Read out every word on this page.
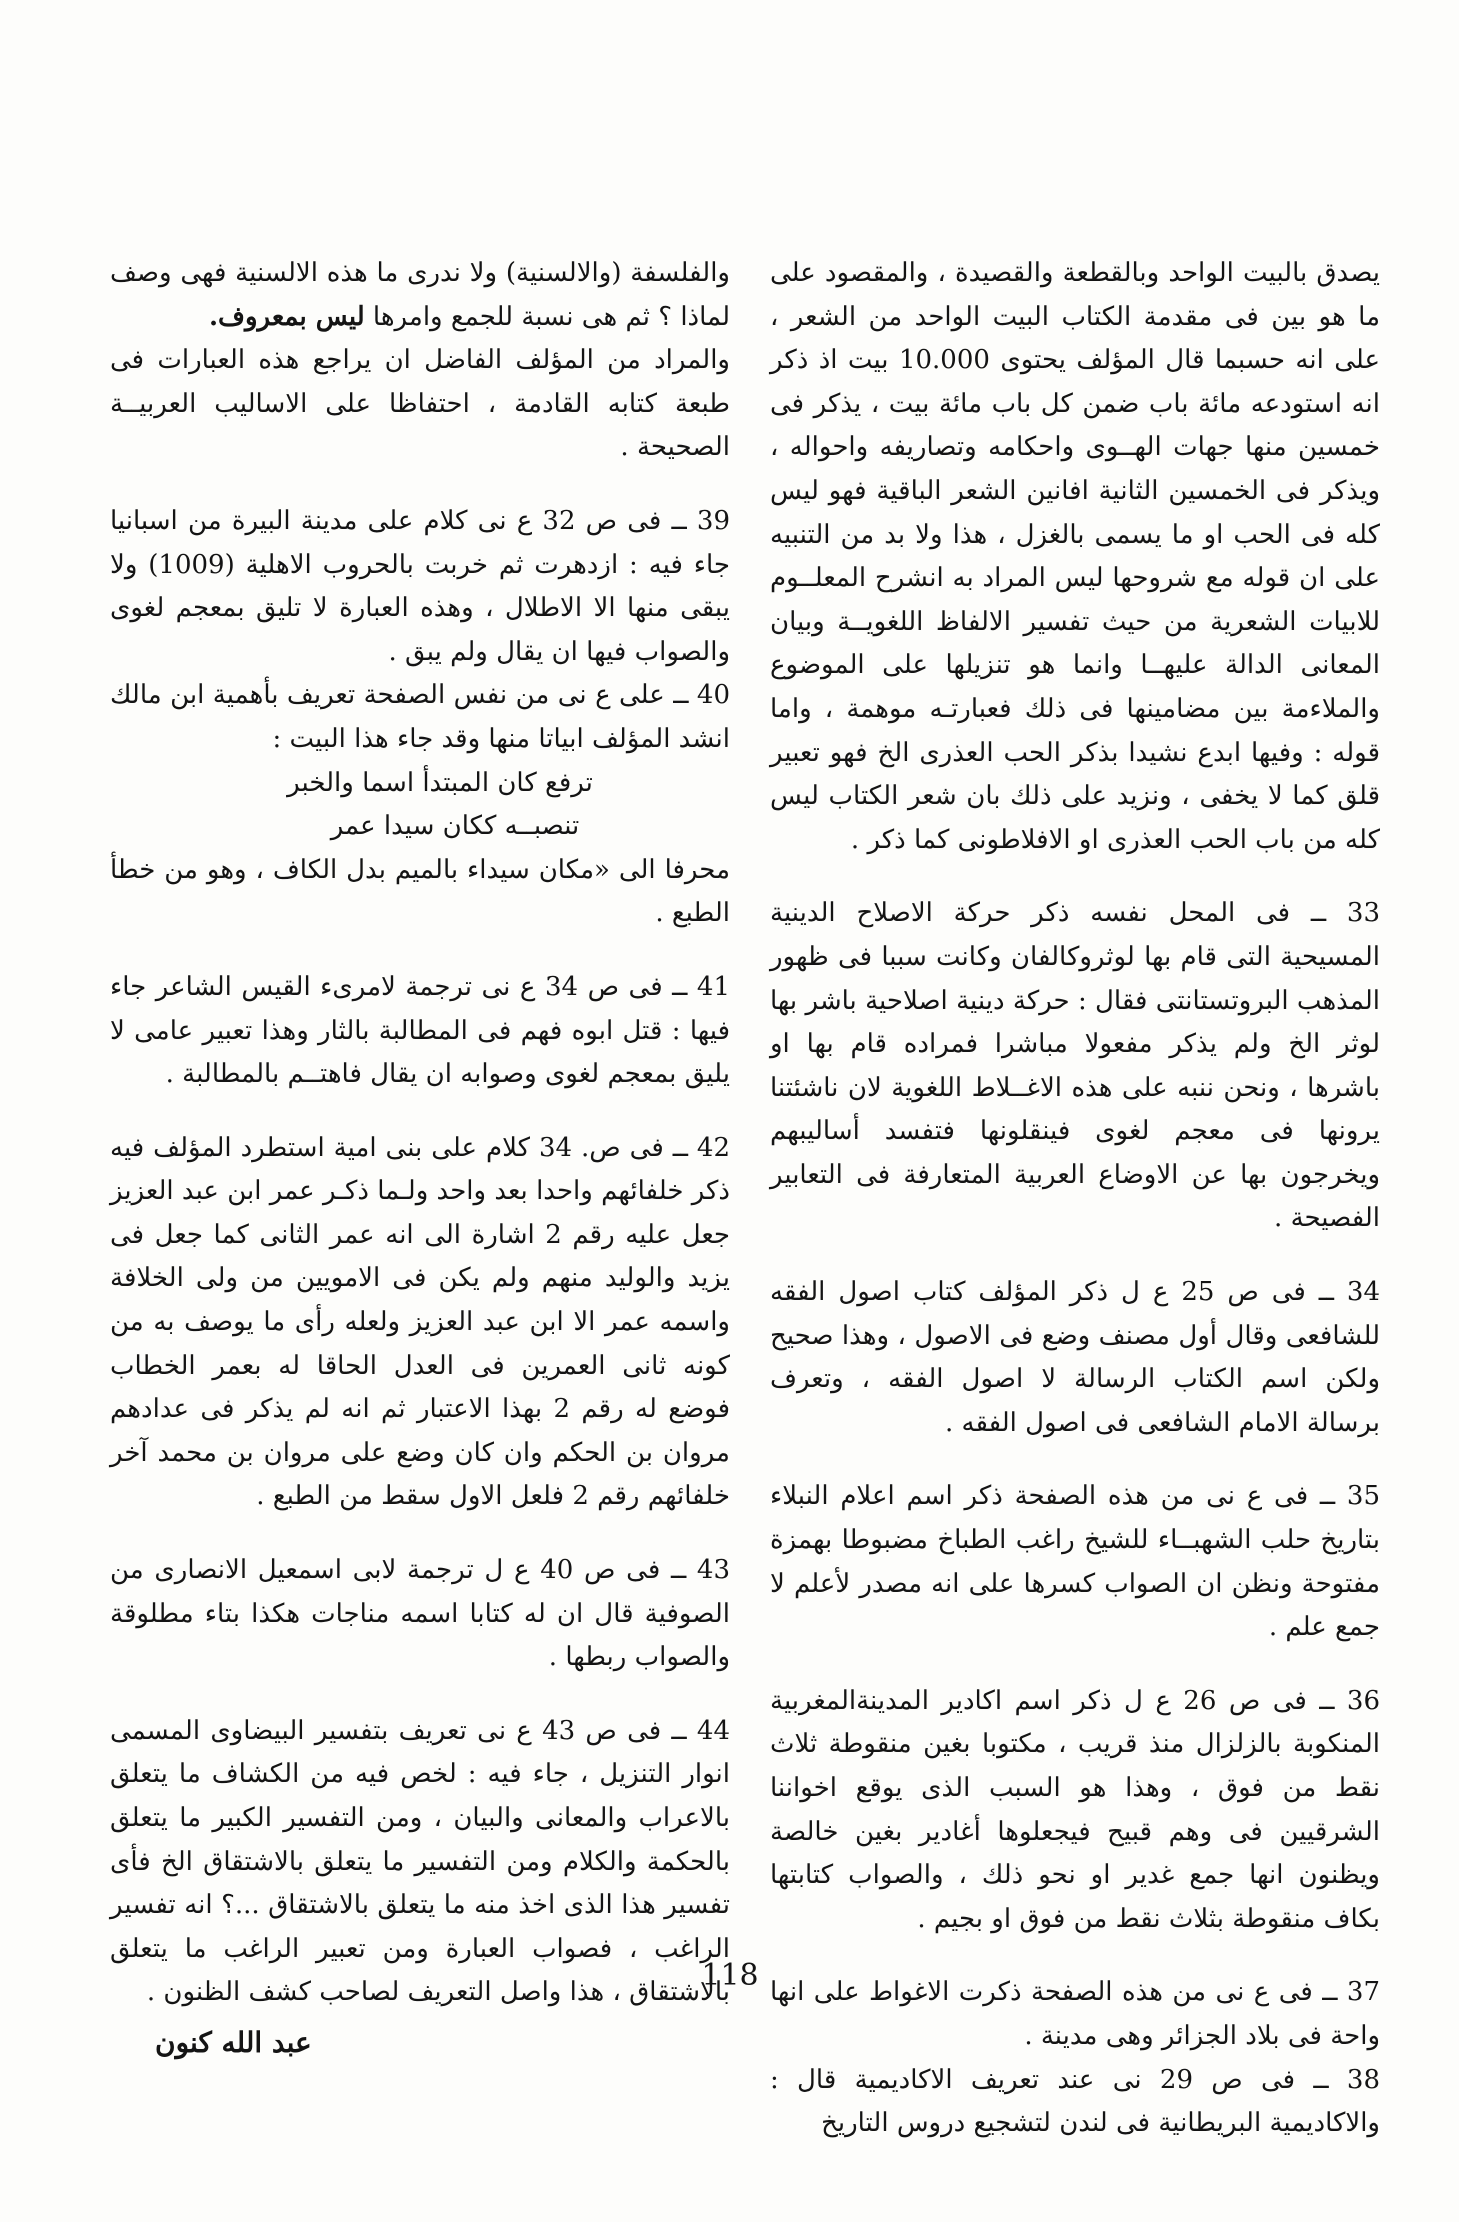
يصدق بالبيت الواحد وبالقطعة والقصيدة ، والمقصود على ما هو بين فى مقدمة الكتاب البيت الواحد من الشعر ، على انه حسبما قال المؤلف يحتوى 10.000 بيت اذ ذكر انه استودعه مائة باب ضمن كل باب مائة بيت ، يذكر فى خمسين منها جهات الهــوى واحكامه وتصاريفه واحواله ، ويذكر فى الخمسين الثانية افانين الشعر الباقية فهو ليس كله فى الحب او ما يسمى بالغزل ، هذا ولا بد من التنبيه على ان قوله مع شروحها ليس المراد به انشرح المعلــوم للابيات الشعرية من حيث تفسير الالفاظ اللغويــة وبيان المعانى الدالة عليهــا وانما هو تنزيلها على الموضوع والملاءمة بين مضامينها فى ذلك فعبارتـه موهمة ، واما قوله : وفيها ابدع نشيدا بذكر الحب العذرى الخ فهو تعبير قلق كما لا يخفى ، ونزيد على ذلك بان شعر الكتاب ليس كله من باب الحب العذرى او الافلاطونى كما ذكر .

33 ــ فى المحل نفسه ذكر حركة الاصلاح الدينية المسيحية التى قام بها لوثروكالفان وكانت سببا فى ظهور المذهب البروتستانتى فقال : حركة دينية اصلاحية باشر بها لوثر الخ ولم يذكر مفعولا مباشرا فمراده قام بها او باشرها ، ونحن ننبه على هذه الاغــلاط اللغوية لان ناشئتنا يرونها فى معجم لغوى فينقلونها فتفسد أساليبهم ويخرجون بها عن الاوضاع العربية المتعارفة فى التعابير الفصيحة .

34 ــ فى ص 25 ع ل ذكر المؤلف كتاب اصول الفقه للشافعى وقال أول مصنف وضع فى الاصول ، وهذا صحيح ولكن اسم الكتاب الرسالة لا اصول الفقه ، وتعرف برسالة الامام الشافعى فى اصول الفقه .

35 ــ فى ع نى من هذه الصفحة ذكر اسم اعلام النبلاء بتاريخ حلب الشهبــاء للشيخ راغب الطباخ مضبوطا بهمزة مفتوحة ونظن ان الصواب كسرها على انه مصدر لأعلم لا جمع علم .

36 ــ فى ص 26 ع ل ذكر اسم اكادير المدينةالمغربية المنكوبة بالزلزال منذ قريب ، مكتوبا بغين منقوطة ثلاث نقط من فوق ، وهذا هو السبب الذى يوقع اخواننا الشرقيين فى وهم قبيح فيجعلوها أغادير بغين خالصة ويظنون انها جمع غدير او نحو ذلك ، والصواب كتابتها بكاف منقوطة بثلاث نقط من فوق او بجيم .

37 ــ فى ع نى من هذه الصفحة ذكرت الاغواط على انها واحة فى بلاد الجزائر وهى مدينة .

38 ــ فى ص 29 نى عند تعريف الاكاديمية قال : والاكاديمية البريطانية فى لندن لتشجيع دروس التاريخ

والفلسفة (والالسنية) ولا ندرى ما هذه الالسنية فهى وصف لماذا ؟ ثم هى نسبة للجمع وامرها ليس بمعروف.

والمراد من المؤلف الفاضل ان يراجع هذه العبارات فى طبعة كتابه القادمة ، احتفاظا على الاساليب العربيــة الصحيحة .

39 ــ فى ص 32 ع نى كلام على مدينة البيرة من اسبانيا جاء فيه : ازدهرت ثم خربت بالحروب الاهلية (1009) ولا يبقى منها الا الاطلال ، وهذه العبارة لا تليق بمعجم لغوى والصواب فيها ان يقال ولم يبق .

40 ــ على ع نى من نفس الصفحة تعريف بأهمية ابن مالك انشد المؤلف ابياتا منها وقد جاء هذا البيت :

ترفع كان المبتدأ اسما والخبر

تنصبــه ككان سيدا عمر

محرفا الى «مكان سيداء بالميم بدل الكاف ، وهو من خطأ الطبع .

41 ــ فى ص 34 ع نى ترجمة لامرىء القيس الشاعر جاء فيها : قتل ابوه فهم فى المطالبة بالثار وهذا تعبير عامى لا يليق بمعجم لغوى وصوابه ان يقال فاهتــم بالمطالبة .

42 ــ فى ص. 34 كلام على بنى امية استطرد المؤلف فيه ذكر خلفائهم واحدا بعد واحد ولـما ذكـر عمر ابن عبد العزيز جعل عليه رقم 2 اشارة الى انه عمر الثانى كما جعل فى يزيد والوليد منهم ولم يكن فى الامويين من ولى الخلافة واسمه عمر الا ابن عبد العزيز ولعله رأى ما يوصف به من كونه ثانى العمرين فى العدل الحاقا له بعمر الخطاب فوضع له رقم 2 بهذا الاعتبار ثم انه لم يذكر فى عدادهم مروان بن الحكم وان كان وضع على مروان بن محمد آخر خلفائهم رقم 2 فلعل الاول سقط من الطبع .

43 ــ فى ص 40 ع ل ترجمة لابى اسمعيل الانصارى من الصوفية قال ان له كتابا اسمه مناجات هكذا بتاء مطلوقة والصواب ربطها .

44 ــ فى ص 43 ع نى تعريف بتفسير البيضاوى المسمى انوار التنزيل ، جاء فيه : لخص فيه من الكشاف ما يتعلق بالاعراب والمعانى والبيان ، ومن التفسير الكبير ما يتعلق بالحكمة والكلام ومن التفسير ما يتعلق بالاشتقاق الخ فأى تفسير هذا الذى اخذ منه ما يتعلق بالاشتقاق ...؟ انه تفسير الراغب ، فصواب العبارة ومن تعبير الراغب ما يتعلق بالاشتقاق ، هذا واصل التعريف لصاحب كشف الظنون .

عبد الله كنون
118
